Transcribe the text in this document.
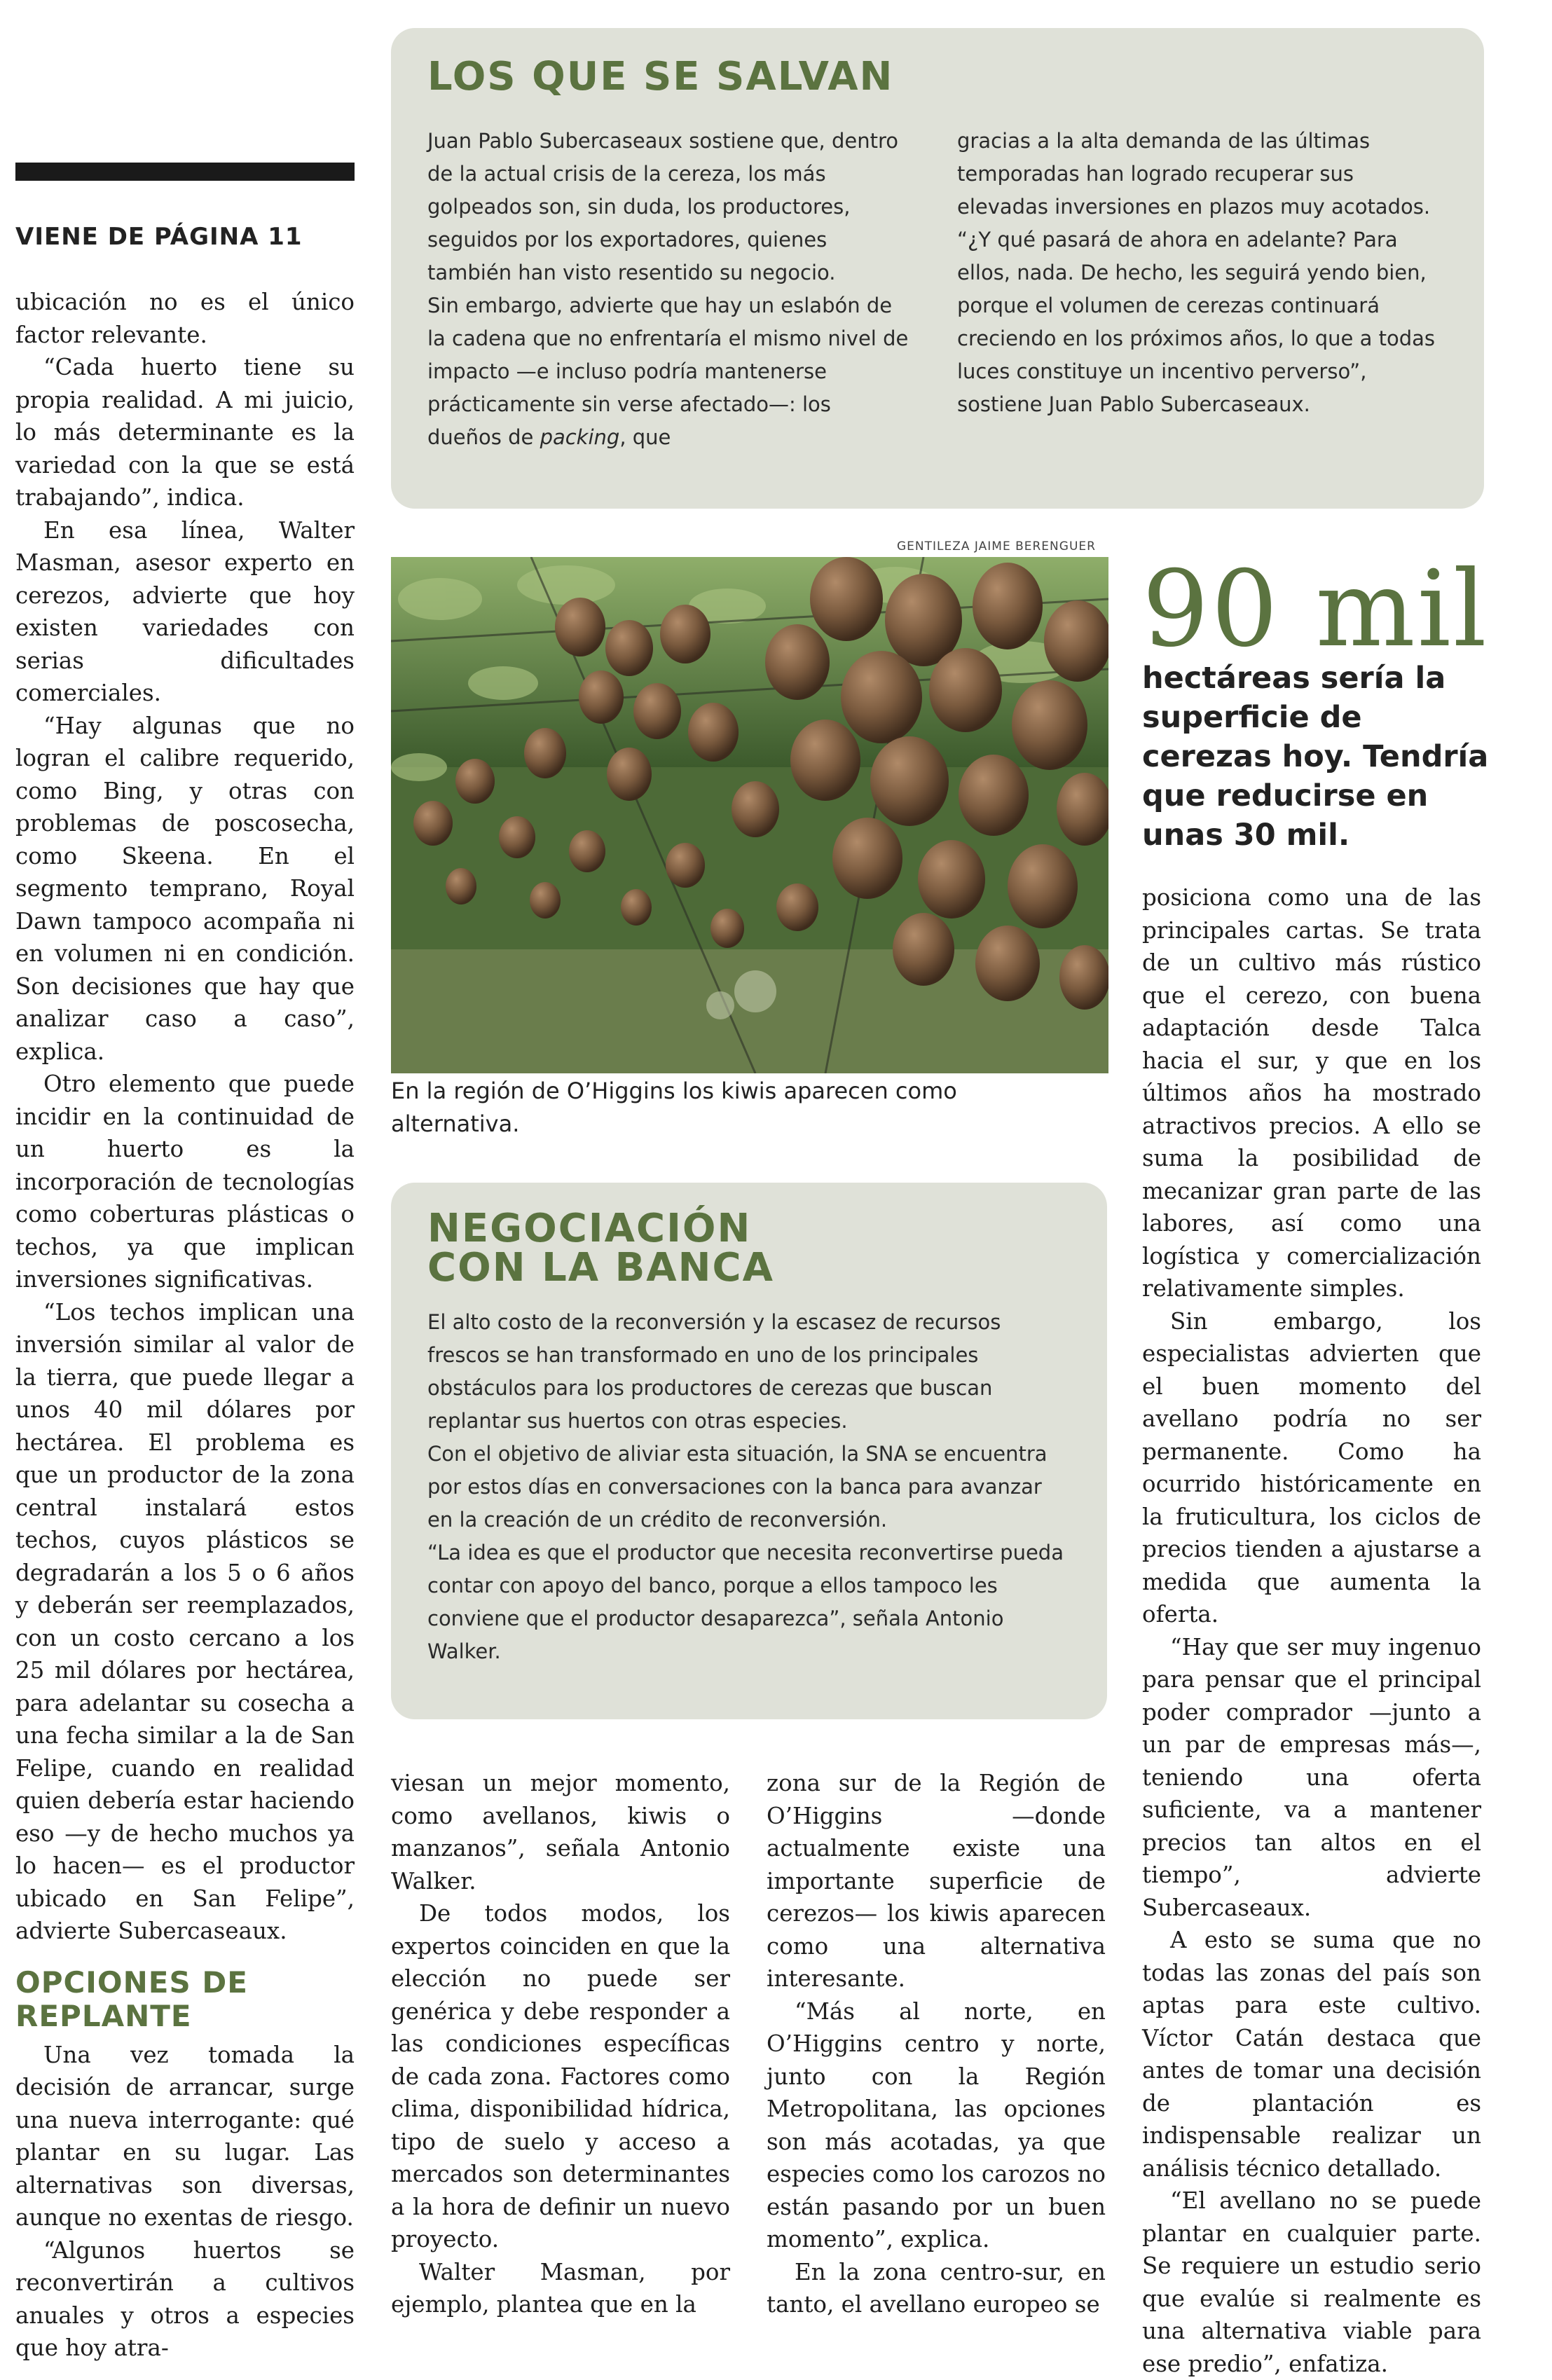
VIENE DE PÁGINA 11

ubicación no es el único factor relevante.

“Cada huerto tiene su propia realidad. A mi juicio, lo más determinante es la variedad con la que se está trabajando”, indica.

En esa línea, Walter Masman, asesor experto en cerezos, advierte que hoy existen variedades con serias dificultades comerciales.

“Hay algunas que no logran el calibre requerido, como Bing, y otras con problemas de poscosecha, como Skeena. En el segmento temprano, Royal Dawn tampoco acompaña ni en volumen ni en condición. Son decisiones que hay que analizar caso a caso”, explica.

Otro elemento que puede incidir en la continuidad de un huerto es la incorporación de tecnologías como coberturas plásticas o techos, ya que implican inversiones significativas.

“Los techos implican una inversión similar al valor de la tierra, que puede llegar a unos 40 mil dólares por hectárea. El problema es que un productor de la zona central instalará estos techos, cuyos plásticos se degradarán a los 5 o 6 años y deberán ser reemplazados, con un costo cercano a los 25 mil dólares por hectárea, para adelantar su cosecha a una fecha similar a la de San Felipe, cuando en realidad quien debería estar haciendo eso —y de hecho muchos ya lo hacen— es el productor ubicado en San Felipe”, advierte Subercaseaux.

OPCIONES DE REPLANTE

Una vez tomada la decisión de arrancar, surge una nueva interrogante: qué plantar en su lugar. Las alternativas son diversas, aunque no exentas de riesgo.

“Algunos huertos se reconvertirán a cultivos anuales y otros a especies que hoy atra-

LOS QUE SE SALVAN

Juan Pablo Subercaseaux sostiene que, dentro de la actual crisis de la cereza, los más golpeados son, sin duda, los productores, seguidos por los exportadores, quienes también han visto resentido su negocio.

Sin embargo, advierte que hay un eslabón de la cadena que no enfrentaría el mismo nivel de impacto —e incluso podría mantenerse prácticamente sin verse afectado—: los dueños de packing, que

gracias a la alta demanda de las últimas temporadas han logrado recuperar sus elevadas inversiones en plazos muy acotados.

“¿Y qué pasará de ahora en adelante? Para ellos, nada. De hecho, les seguirá yendo bien, porque el volumen de cerezas continuará creciendo en los próximos años, lo que a todas luces constituye un incentivo perverso”, sostiene Juan Pablo Subercaseaux.

GENTILEZA JAIME BERENGUER
En la región de O’Higgins los kiwis aparecen como alternativa.
90 mil
hectáreas sería la superficie de cerezas hoy. Tendría que reducirse en unas 30 mil.
NEGOCIACIÓN
CON LA BANCA

El alto costo de la reconversión y la escasez de recursos frescos se han transformado en uno de los principales obstáculos para los productores de cerezas que buscan replantar sus huertos con otras especies.

Con el objetivo de aliviar esta situación, la SNA se encuentra por estos días en conversaciones con la banca para avanzar en la creación de un crédito de reconversión.

“La idea es que el productor que necesita reconvertirse pueda contar con apoyo del banco, porque a ellos tampoco les conviene que el productor desaparezca”, señala Antonio Walker.

viesan un mejor momento, como avellanos, kiwis o manzanos”, señala Antonio Walker.

De todos modos, los expertos coinciden en que la elección no puede ser genérica y debe responder a las condiciones específicas de cada zona. Factores como clima, disponibilidad hídrica, tipo de suelo y acceso a mercados son determinantes a la hora de definir un nuevo proyecto.

Walter Masman, por ejemplo, plantea que en la

zona sur de la Región de O’Higgins —donde actualmente existe una importante superficie de cerezos— los kiwis aparecen como una alternativa interesante.

“Más al norte, en O’Higgins centro y norte, junto con la Región Metropolitana, las opciones son más acotadas, ya que especies como los carozos no están pasando por un buen momento”, explica.

En la zona centro-sur, en tanto, el avellano europeo se

posiciona como una de las principales cartas. Se trata de un cultivo más rústico que el cerezo, con buena adaptación desde Talca hacia el sur, y que en los últimos años ha mostrado atractivos precios. A ello se suma la posibilidad de mecanizar gran parte de las labores, así como una logística y comercialización relativamente simples.

Sin embargo, los especialistas advierten que el buen momento del avellano podría no ser permanente. Como ha ocurrido históricamente en la fruticultura, los ciclos de precios tienden a ajustarse a medida que aumenta la oferta.

“Hay que ser muy ingenuo para pensar que el principal poder comprador —junto a un par de empresas más—, teniendo una oferta suficiente, va a mantener precios tan altos en el tiempo”, advierte Subercaseaux.

A esto se suma que no todas las zonas del país son aptas para este cultivo. Víctor Catán destaca que antes de tomar una decisión de plantación es indispensable realizar un análisis técnico detallado.

“El avellano no se puede plantar en cualquier parte. Se requiere un estudio serio que evalúe si realmente es una alternativa viable para ese predio”, enfatiza.
